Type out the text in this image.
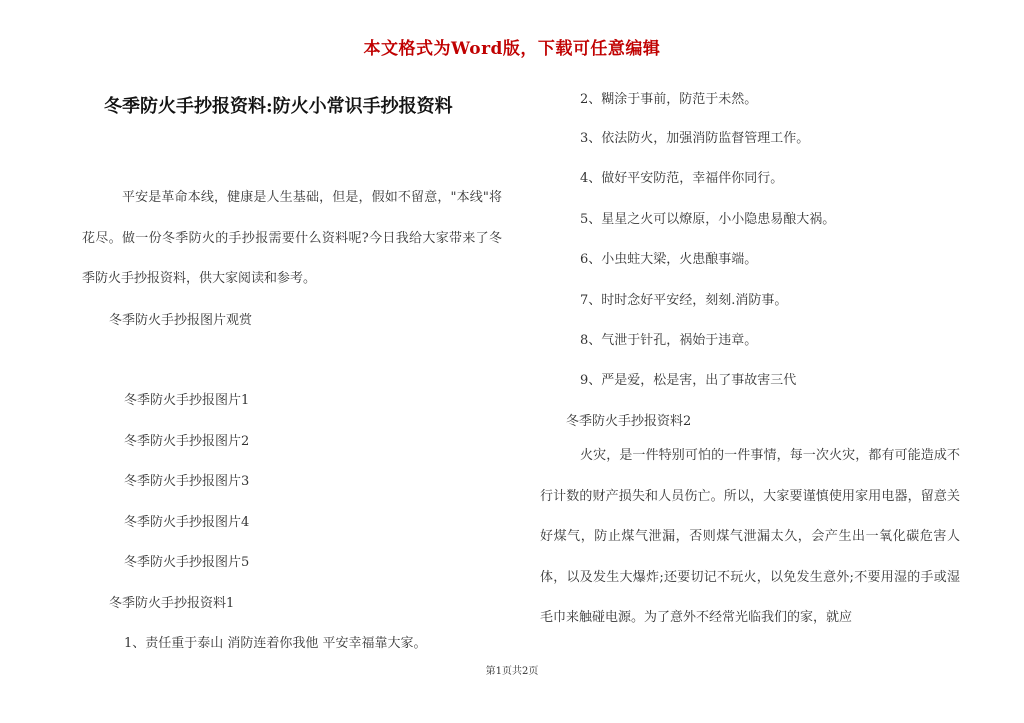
本文格式为Word版，下载可任意编辑
冬季防火手抄报资料:防火小常识手抄报资料
平安是革命本线，健康是人生基础，但是，假如不留意，"本线"将花尽。做一份冬季防火的手抄报需要什么资料呢?今日我给大家带来了冬季防火手抄报资料，供大家阅读和参考。
冬季防火手抄报图片观赏
冬季防火手抄报图片1
冬季防火手抄报图片2
冬季防火手抄报图片3
冬季防火手抄报图片4
冬季防火手抄报图片5
冬季防火手抄报资料1
1、责任重于泰山 消防连着你我他 平安幸福靠大家。
2、糊涂于事前，防范于未然。
3、依法防火，加强消防监督管理工作。
4、做好平安防范，幸福伴你同行。
5、星星之火可以燎原，小小隐患易酿大祸。
6、小虫蛀大梁，火患酿事端。
7、时时念好平安经，刻刻.消防事。
8、气泄于针孔，祸始于违章。
9、严是爱，松是害，出了事故害三代
冬季防火手抄报资料2
火灾，是一件特别可怕的一件事情，每一次火灾，都有可能造成不行计数的财产损失和人员伤亡。所以，大家要谨慎使用家用电器，留意关好煤气，防止煤气泄漏，否则煤气泄漏太久，会产生出一氧化碳危害人体，以及发生大爆炸;还要切记不玩火，以免发生意外;不要用湿的手或湿毛巾来触碰电源。为了意外不经常光临我们的家，就应
第1页共2页
